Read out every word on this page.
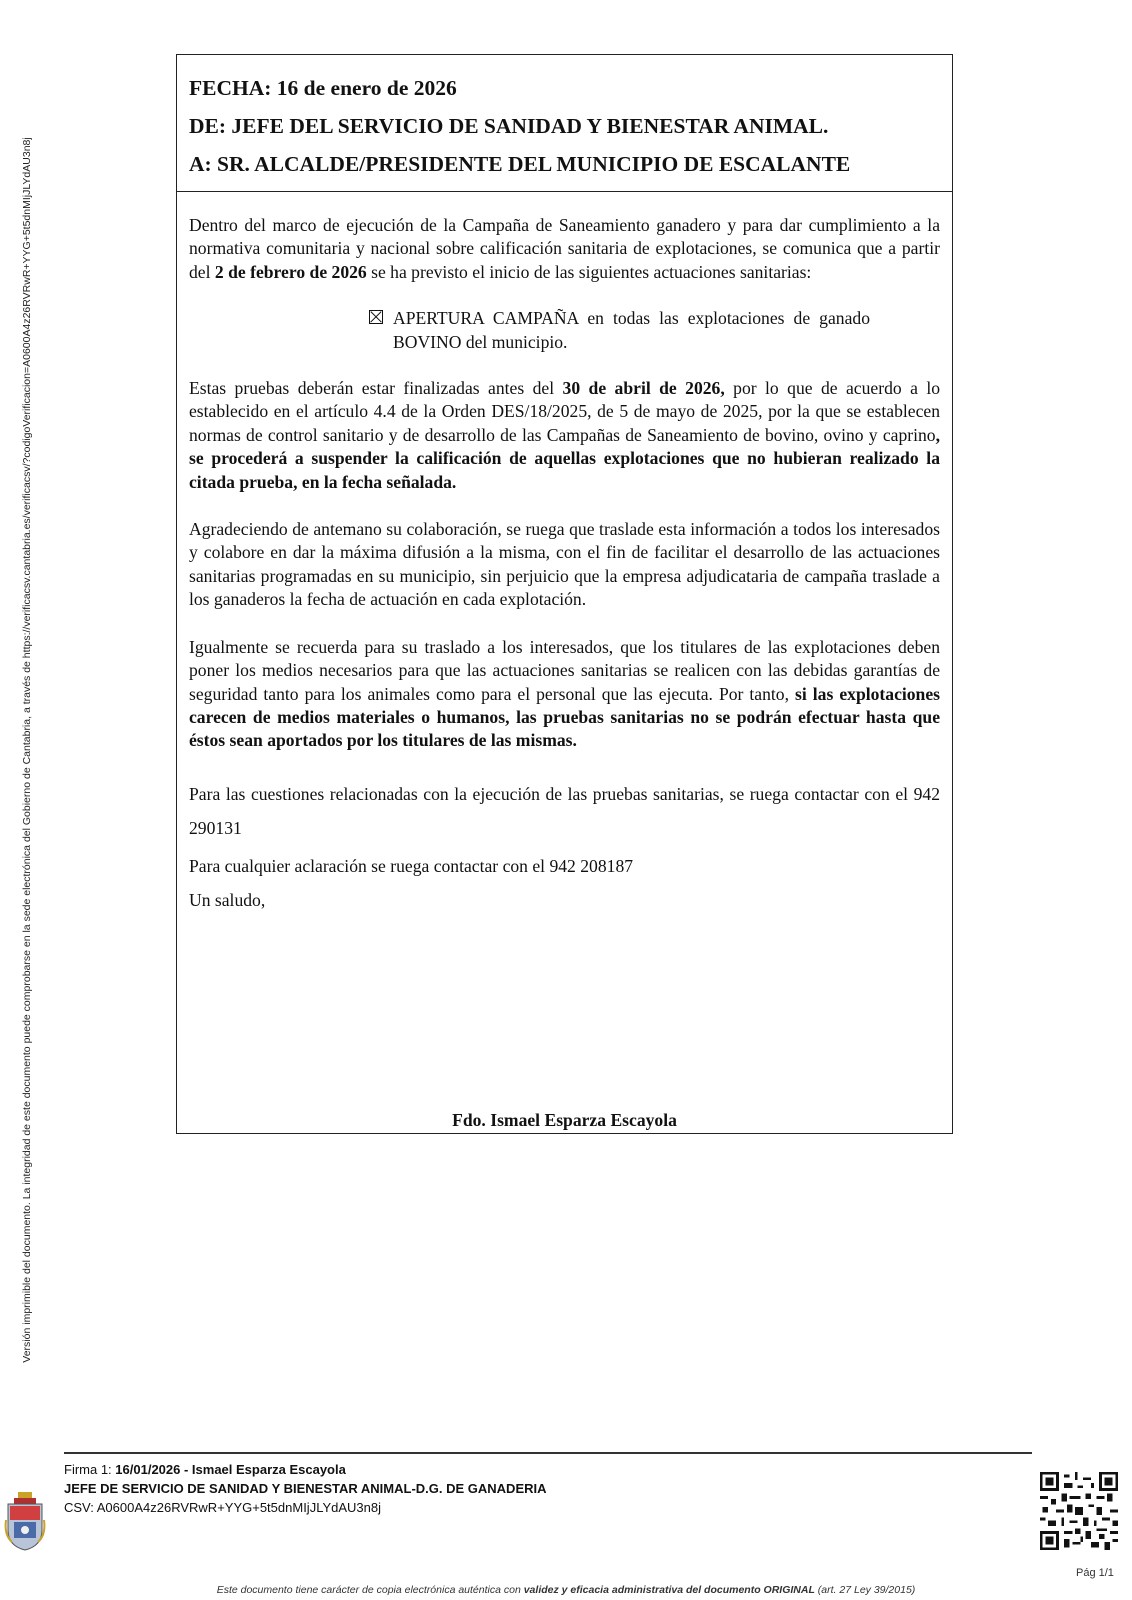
Versión imprimible del documento. La integridad de este documento puede comprobarse en la sede electrónica del Gobierno de Cantabria, a través de https://verificacsv.cantabria.es/verificacsv/?codigoVerificacion=A0600A4z26RVRwR+YYG+5t5dnMIjJLYdAU3n8j
FECHA: 16 de enero de 2026
DE: JEFE DEL SERVICIO DE SANIDAD Y BIENESTAR ANIMAL.
A: SR. ALCALDE/PRESIDENTE DEL MUNICIPIO DE ESCALANTE

Dentro del marco de ejecución de la Campaña de Saneamiento ganadero y para dar cumplimiento a la normativa comunitaria y nacional sobre calificación sanitaria de explotaciones, se comunica que a partir del 2 de febrero de 2026 se ha previsto el inicio de las siguientes actuaciones sanitarias:

APERTURA CAMPAÑA en todas las explotaciones de ganado BOVINO del municipio.

Estas pruebas deberán estar finalizadas antes del 30 de abril de 2026, por lo que de acuerdo a lo establecido en el artículo 4.4 de la Orden DES/18/2025, de 5 de mayo de 2025, por la que se establecen normas de control sanitario y de desarrollo de las Campañas de Saneamiento de bovino, ovino y caprino, se procederá a suspender la calificación de aquellas explotaciones que no hubieran realizado la citada prueba, en la fecha señalada.

Agradeciendo de antemano su colaboración, se ruega que traslade esta información a todos los interesados y colabore en dar la máxima difusión a la misma, con el fin de facilitar el desarrollo de las actuaciones sanitarias programadas en su municipio, sin perjuicio que la empresa adjudicataria de campaña traslade a los ganaderos la fecha de actuación en cada explotación.

Igualmente se recuerda para su traslado a los interesados, que los titulares de las explotaciones deben poner los medios necesarios para que las actuaciones sanitarias se realicen con las debidas garantías de seguridad tanto para los animales como para el personal que las ejecuta. Por tanto, si las explotaciones carecen de medios materiales o humanos, las pruebas sanitarias no se podrán efectuar hasta que éstos sean aportados por los titulares de las mismas.

Para las cuestiones relacionadas con la ejecución de las pruebas sanitarias, se ruega contactar con el 942 290131

Para cualquier aclaración se ruega contactar con el 942 208187

Un saludo,

Fdo. Ismael Esparza Escayola
Firma 1: 16/01/2026 - Ismael Esparza Escayola
JEFE DE SERVICIO DE SANIDAD Y BIENESTAR ANIMAL-D.G. DE GANADERIA
CSV: A0600A4z26RVRwR+YYG+5t5dnMIjJLYdAU3n8j
Pág 1/1
Este documento tiene carácter de copia electrónica auténtica con validez y eficacia administrativa del documento ORIGINAL (art. 27 Ley 39/2015)
